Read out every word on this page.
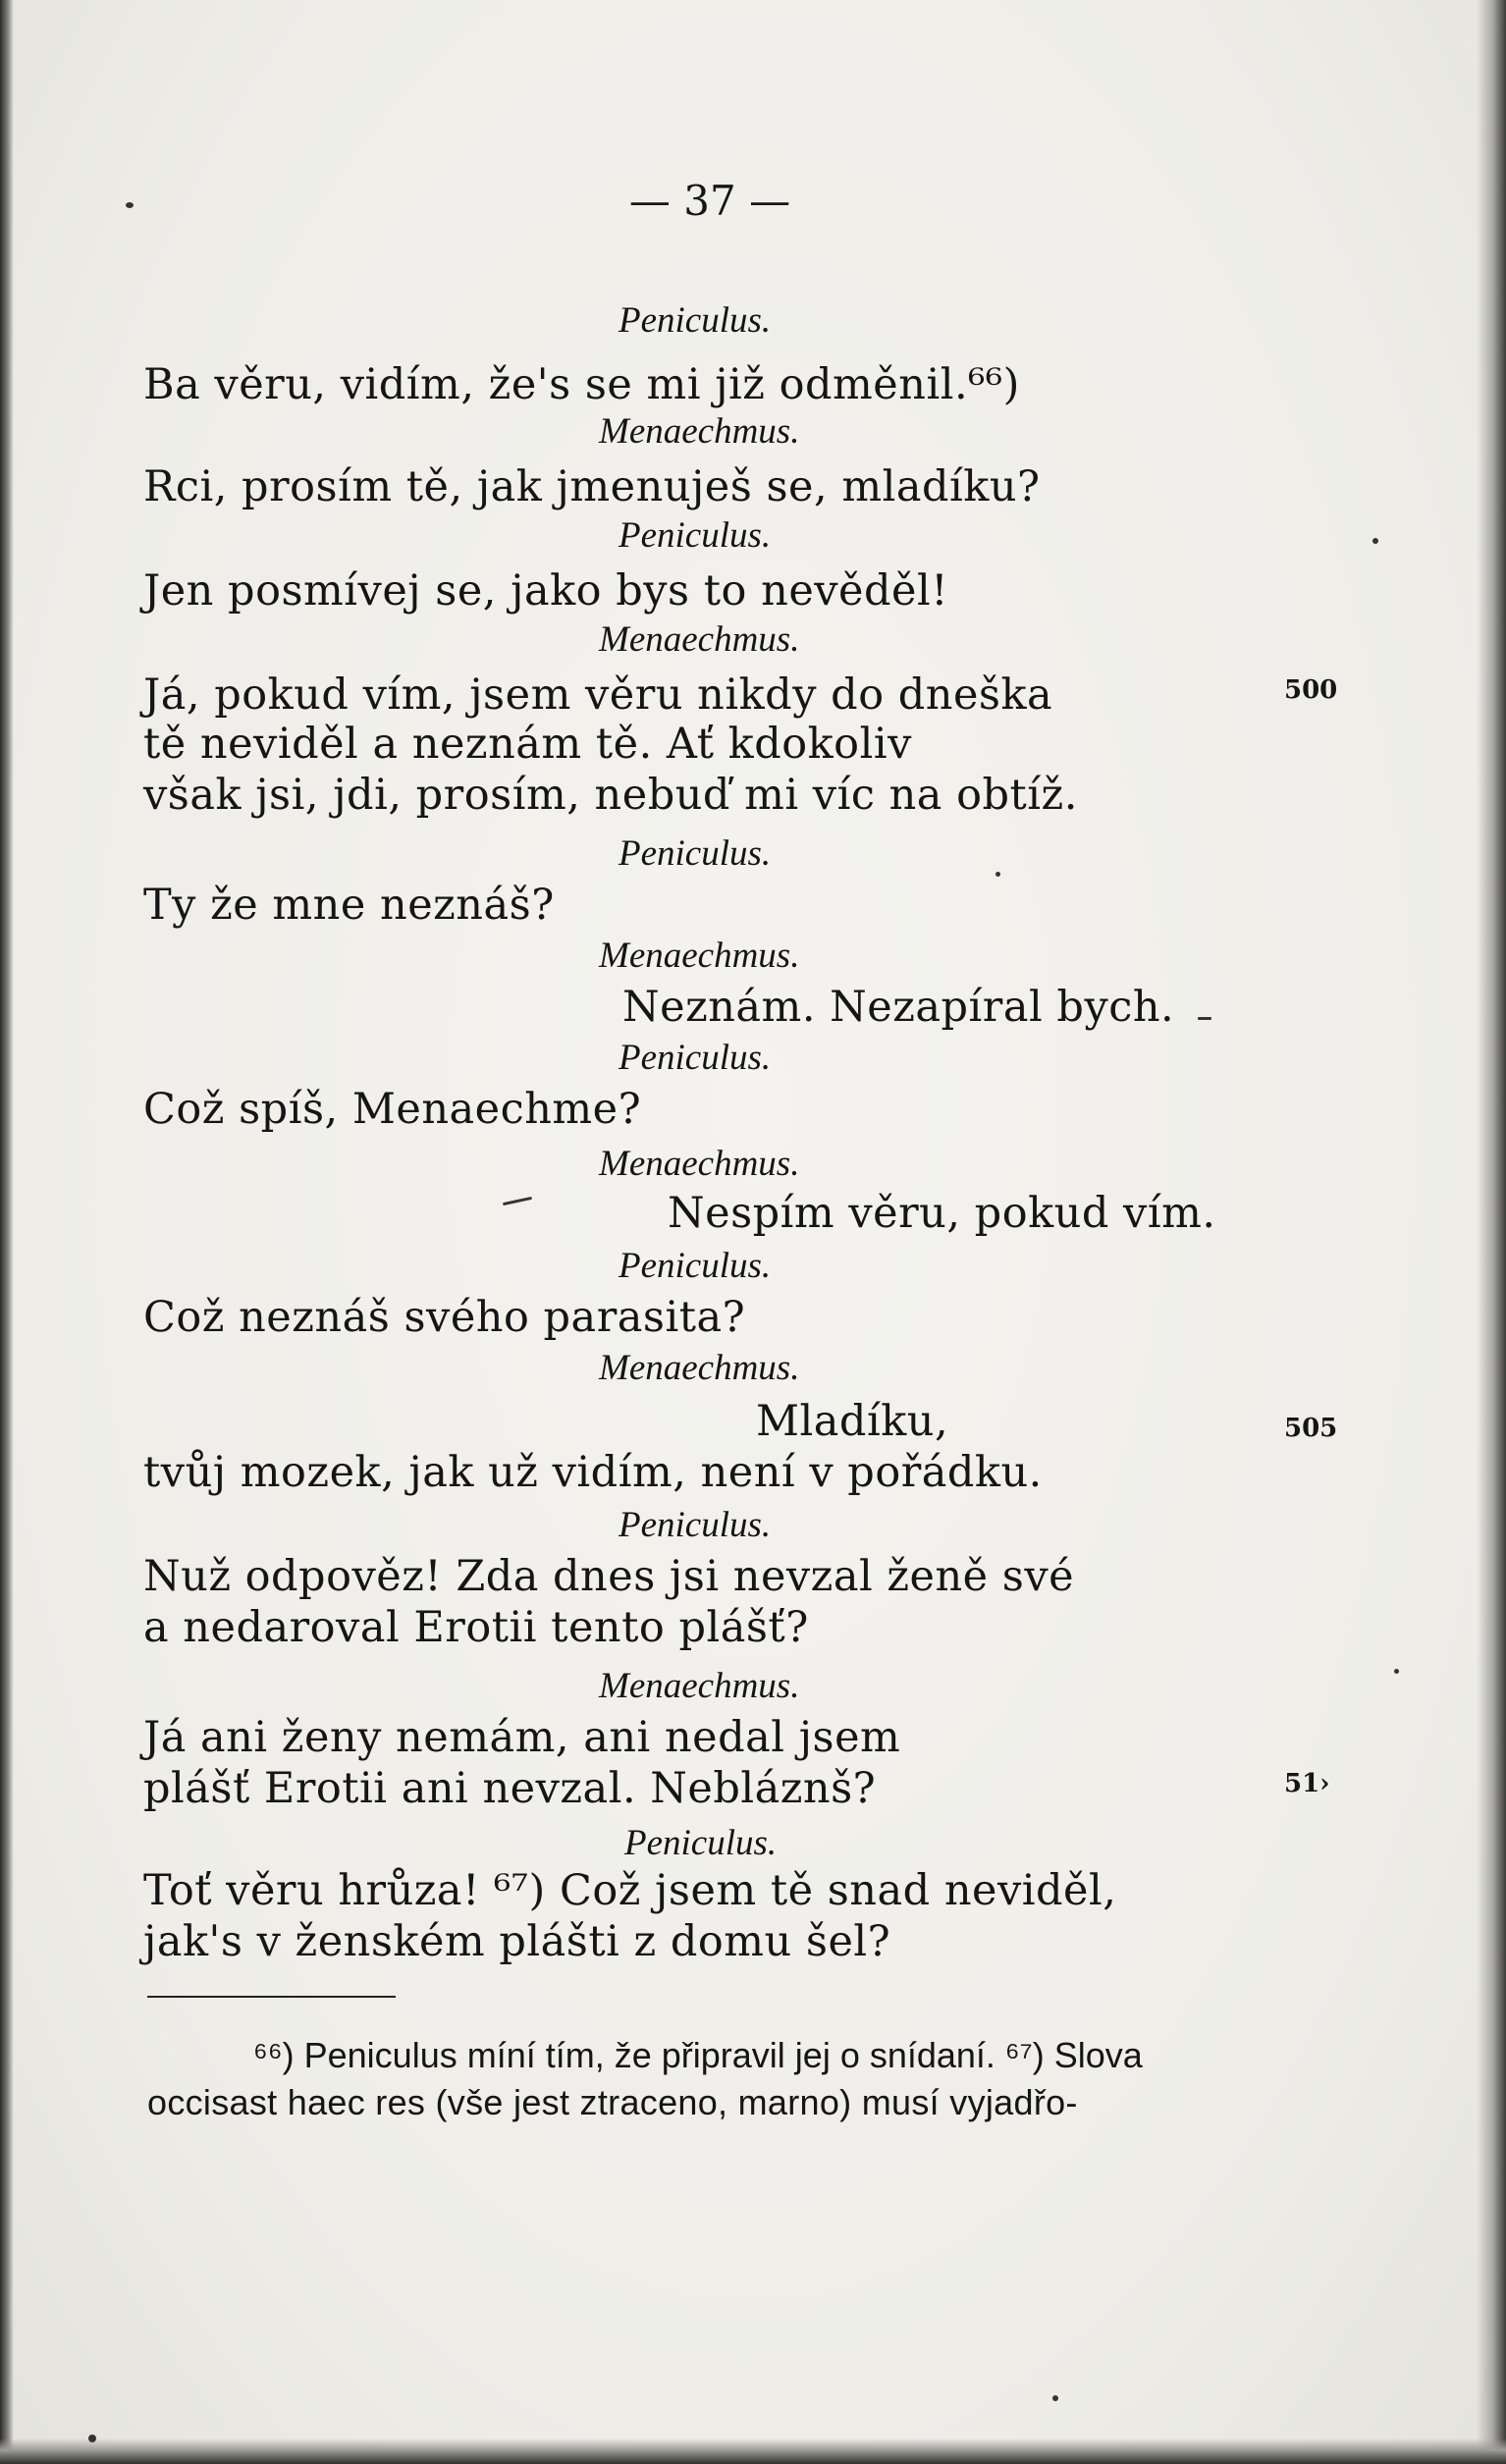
— 37 —
Peniculus.
Ba věru, vidím, že's se mi již odměnil.⁶⁶)
Menaechmus.
Rci, prosím tě, jak jmenuješ se, mladíku?
Peniculus.
Jen posmívej se, jako bys to nevěděl!
Menaechmus.
Já, pokud vím, jsem věru nikdy do dneška
tě neviděl a neznám tě. Ať kdokoliv
však jsi, jdi, prosím, nebuď mi víc na obtíž.
Peniculus.
Ty že mne neznáš?
Menaechmus.
Neznám. Nezapíral bych.
Peniculus.
Což spíš, Menaechme?
Menaechmus.
Nespím věru, pokud vím.
Peniculus.
Což neznáš svého parasita?
Menaechmus.
Mladíku,
tvůj mozek, jak už vidím, není v pořádku.
Peniculus.
Nuž odpověz! Zda dnes jsi nevzal ženě své
a nedaroval Erotii tento plášť?
Menaechmus.
Já ani ženy nemám, ani nedal jsem
plášť Erotii ani nevzal. Nebláznš?
Peniculus.
Toť věru hrůza! ⁶⁷) Což jsem tě snad neviděl,
jak's v ženském plášti z domu šel?
500
505
51›
⁶⁶) Peniculus míní tím, že připravil jej o snídaní. ⁶⁷) Slova
occisast haec res (vše jest ztraceno, marno) musí vyjadřo-
